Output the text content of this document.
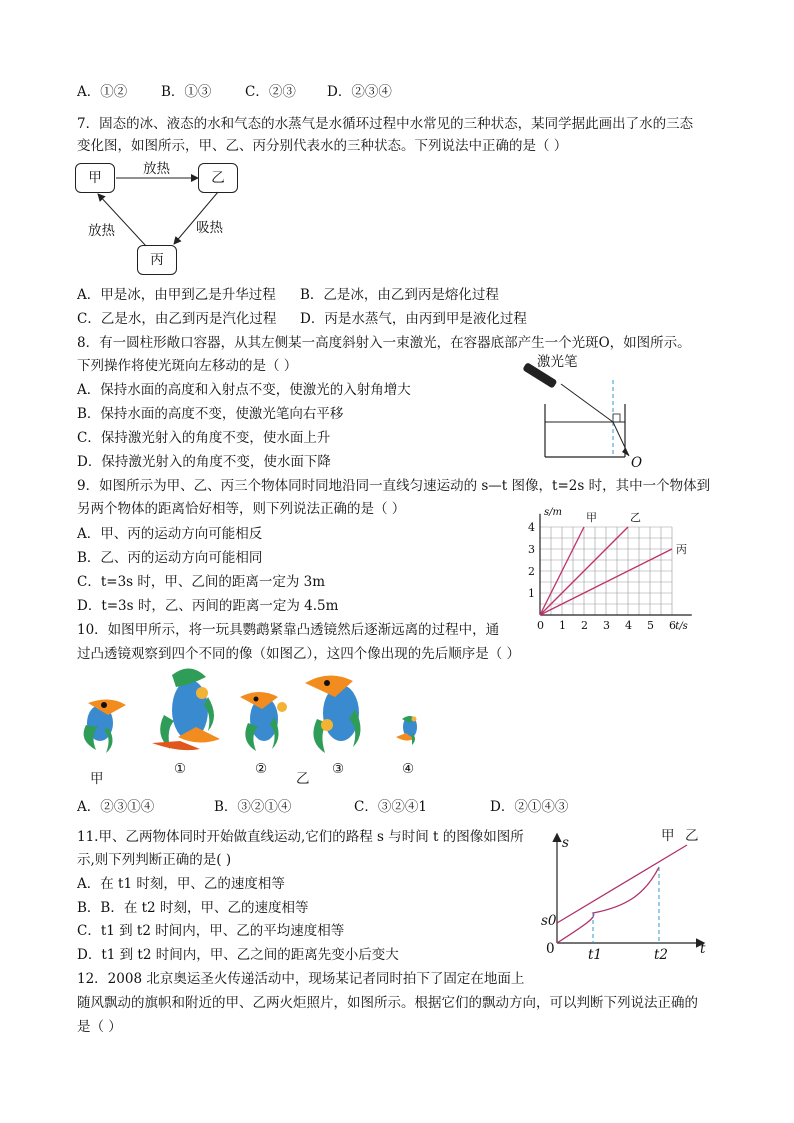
A．①②	B．①③ C．②③ D．②③④
7．固态的冰、液态的水和气态的水蒸气是水循环过程中水常见的三种状态，某同学据此画出了水的三态
变化图，如图所示，甲、乙、丙分别代表水的三种状态。下列说法中正确的是（ ）
甲	乙
丙
放热
吸热
放热
A．甲是冰，由甲到乙是升华过程 B．乙是冰，由乙到丙是熔化过程
C．乙是水，由乙到丙是汽化过程 D．丙是水蒸气，由丙到甲是液化过程
8．有一圆柱形敞口容器，从其左侧某一高度斜射入一束激光，在容器底部产生一个光斑O，如图所示。
下列操作将使光斑向左移动的是（ ）
A．保持水面的高度和入射点不变，使激光的入射角增大
B．保持水面的高度不变，使激光笔向右平移
C．保持激光射入的角度不变，使水面上升
D．保持激光射入的角度不变，使水面下降
激光笔
O
9．如图所示为甲、乙、丙三个物体同时同地沿同一直线匀速运动的 s—t 图像，t=2s 时，其中一个物体到
另两个物体的距离恰好相等，则下列说法正确的是（ ）
A．甲、丙的运动方向可能相反
B．乙、丙的运动方向可能相同
C．t=3s 时，甲、乙间的距离一定为 3m
D．t=3s 时，乙、丙间的距离一定为 4.5m
0 1 2 3 4 5 6
1
2
3
4
s/m
t/s
甲	乙
丙
10．如图甲所示，将一玩具鹦鹉紧靠凸透镜然后逐渐远离的过程中，通
过凸透镜观察到四个不同的像（如图乙），这四个像出现的先后顺序是（ ）
甲
①	②
乙
③	④
A．②③①④	B．③②①④	C．③②④1	D．②①④③
11.甲、乙两物体同时开始做直线运动,它们的路程 s 与时间 t 的图像如图所
示,则下列判断正确的是( )
A．在 t1 时刻，甲、乙的速度相等
B．B．在 t2 时刻，甲、乙的速度相等
C．t1 到 t2 时间内，甲、乙的平均速度相等
D．t1 到 t2 时间内，甲、乙之间的距离先变小后变大
s
t
s0
0 t1	t2
甲 乙
12．2008 北京奥运圣火传递活动中，现场某记者同时拍下了固定在地面上
随风飘动的旗帜和附近的甲、乙两火炬照片，如图所示。根据它们的飘动方向，可以判断下列说法正确的
是（ ）
